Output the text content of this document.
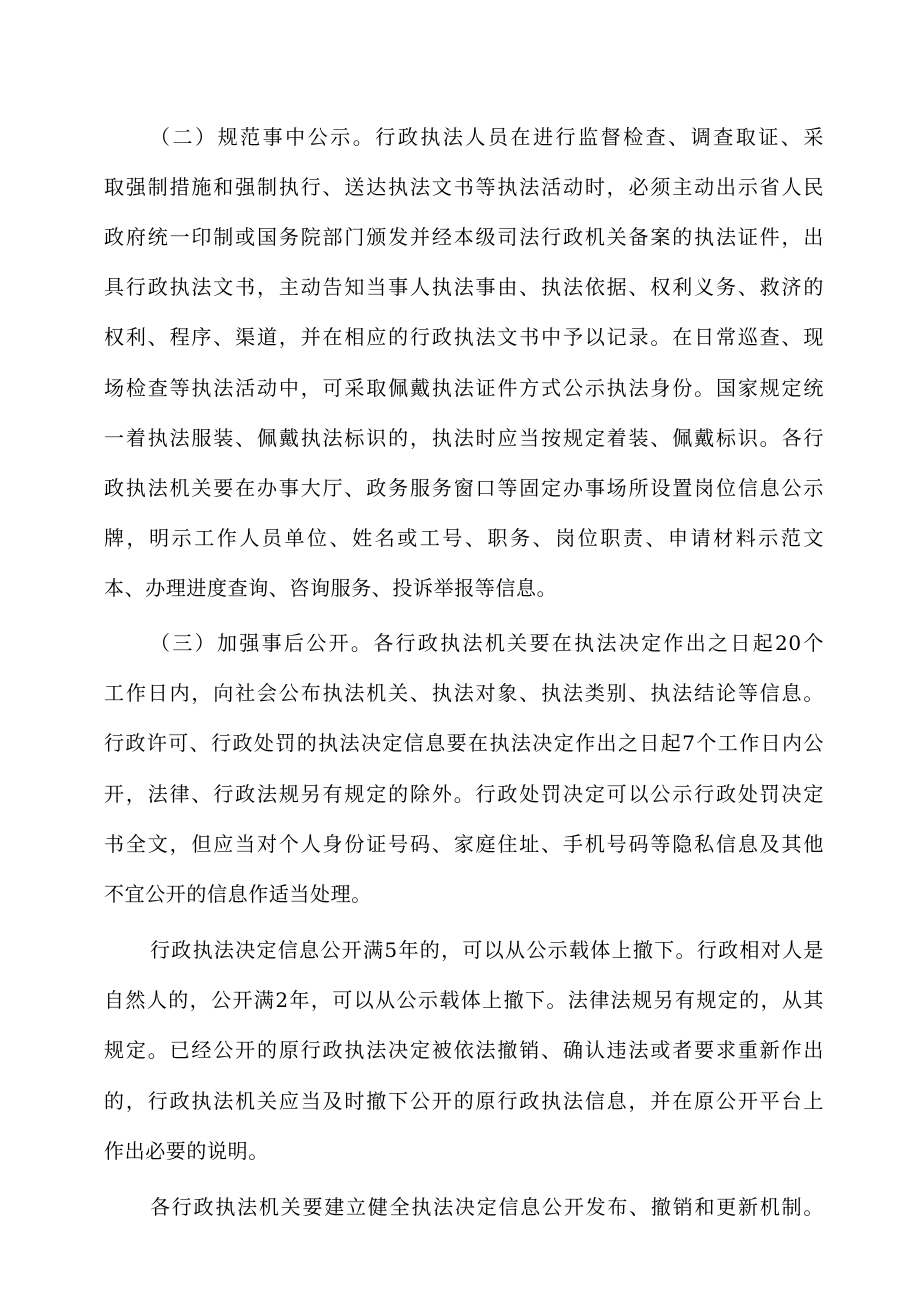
（二）规范事中公示。行政执法人员在进行监督检查、调查取证、采
取强制措施和强制执行、送达执法文书等执法活动时，必须主动出示省人民
政府统一印制或国务院部门颁发并经本级司法行政机关备案的执法证件，出
具行政执法文书，主动告知当事人执法事由、执法依据、权利义务、救济的
权利、程序、渠道，并在相应的行政执法文书中予以记录。在日常巡查、现
场检查等执法活动中，可采取佩戴执法证件方式公示执法身份。国家规定统
一着执法服装、佩戴执法标识的，执法时应当按规定着装、佩戴标识。各行
政执法机关要在办事大厅、政务服务窗口等固定办事场所设置岗位信息公示
牌，明示工作人员单位、姓名或工号、职务、岗位职责、申请材料示范文
本、办理进度查询、咨询服务、投诉举报等信息。
（三）加强事后公开。各行政执法机关要在执法决定作出之日起20个
工作日内，向社会公布执法机关、执法对象、执法类别、执法结论等信息。
行政许可、行政处罚的执法决定信息要在执法决定作出之日起7个工作日内公
开，法律、行政法规另有规定的除外。行政处罚决定可以公示行政处罚决定
书全文，但应当对个人身份证号码、家庭住址、手机号码等隐私信息及其他
不宜公开的信息作适当处理。
行政执法决定信息公开满5年的，可以从公示载体上撤下。行政相对人是
自然人的，公开满2年，可以从公示载体上撤下。法律法规另有规定的，从其
规定。已经公开的原行政执法决定被依法撤销、确认违法或者要求重新作出
的，行政执法机关应当及时撤下公开的原行政执法信息，并在原公开平台上
作出必要的说明。
各行政执法机关要建立健全执法决定信息公开发布、撤销和更新机制。
